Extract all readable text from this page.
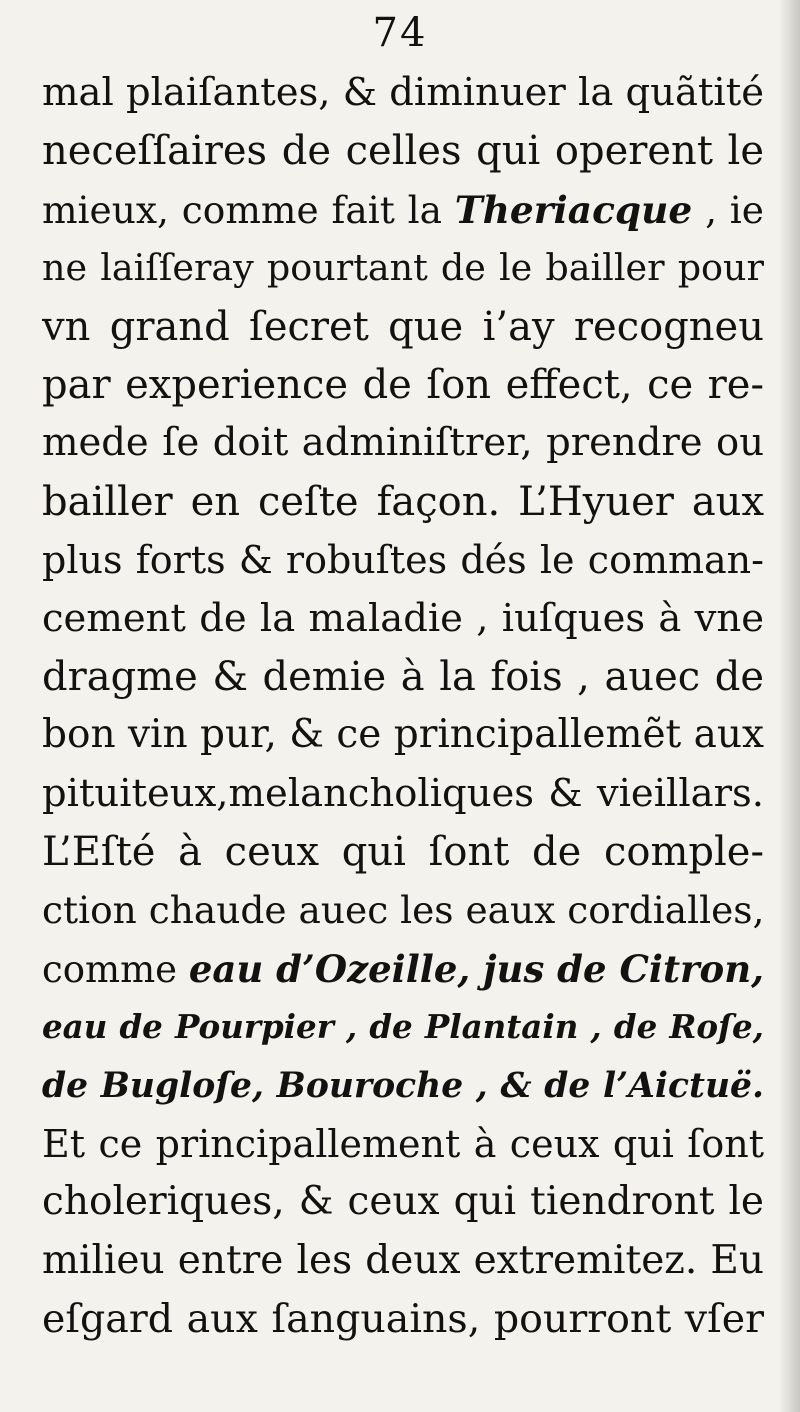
74
mal plaiſantes, & diminuer la quãtité
neceſſaires de celles qui operent le
mieux, comme fait la Theriacque , ie
ne laiſſeray pourtant de le bailler pour
vn grand ſecret que i’ay recogneu
par experience de ſon effect, ce re-
mede ſe doit adminiſtrer, prendre ou
bailler en ceſte façon. L’Hyuer aux
plus forts & robuſtes dés le comman-
cement de la maladie , iuſques à vne
dragme & demie à la fois , auec de
bon vin pur, & ce principallemẽt aux
pituiteux,melancholiques & vieillars.
L’Eſté à ceux qui ſont de comple-
ction chaude auec les eaux cordialles,
comme eau d’Ozeille, jus de Citron,
eau de Pourpier , de Plantain , de Roſe,
de Bugloſe, Bouroche , & de l’Aictuë.
Et ce principallement à ceux qui ſont
choleriques, & ceux qui tiendront le
milieu entre les deux extremitez. Eu
eſgard aux ſanguains, pourront vſer
